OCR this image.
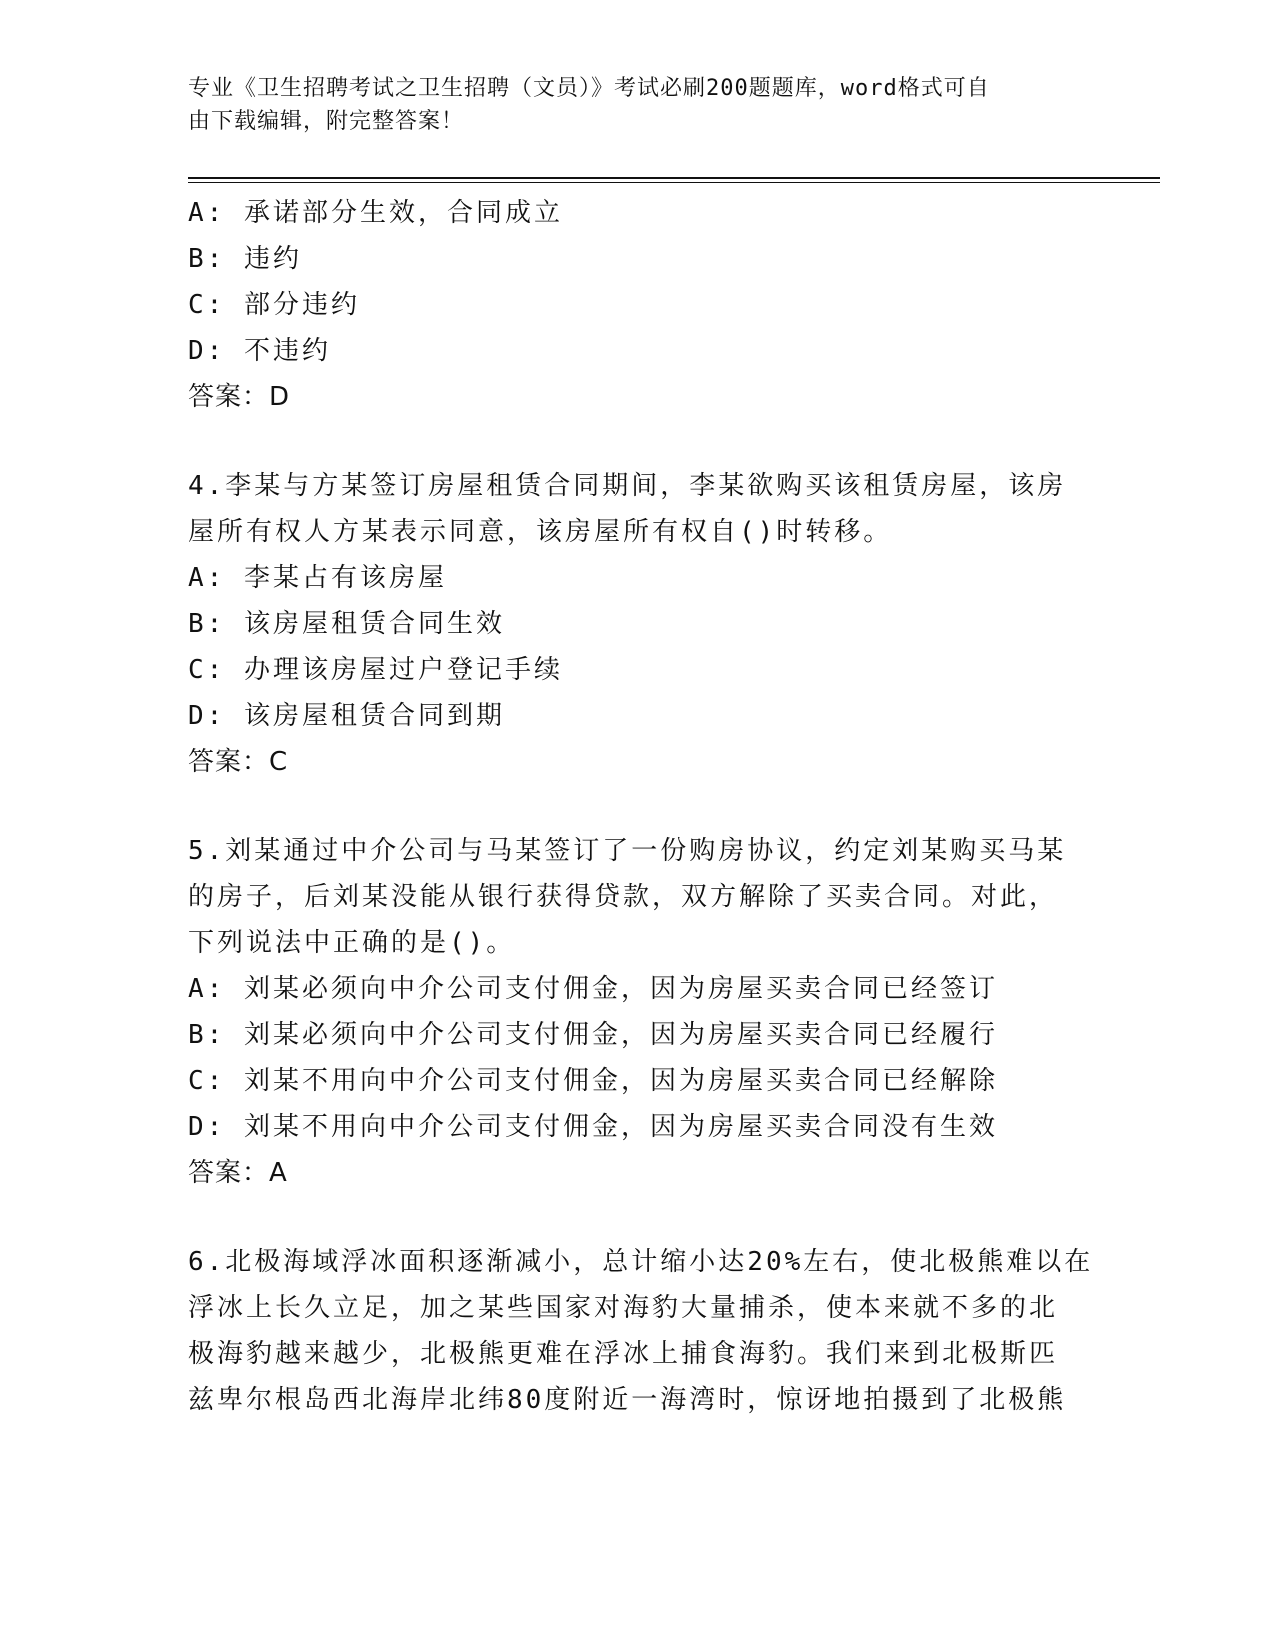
专业《卫生招聘考试之卫生招聘（文员）》考试必刷200题题库，word格式可自
由下载编辑，附完整答案！
A: 承诺部分生效，合同成立
B: 违约
C: 部分违约
D: 不违约
答案：D
4.李某与方某签订房屋租赁合同期间，李某欲购买该租赁房屋，该房
屋所有权人方某表示同意，该房屋所有权自()时转移。
A: 李某占有该房屋
B: 该房屋租赁合同生效
C: 办理该房屋过户登记手续
D: 该房屋租赁合同到期
答案：C
5.刘某通过中介公司与马某签订了一份购房协议，约定刘某购买马某
的房子，后刘某没能从银行获得贷款，双方解除了买卖合同。对此，
下列说法中正确的是()。
A: 刘某必须向中介公司支付佣金，因为房屋买卖合同已经签订
B: 刘某必须向中介公司支付佣金，因为房屋买卖合同已经履行
C: 刘某不用向中介公司支付佣金，因为房屋买卖合同已经解除
D: 刘某不用向中介公司支付佣金，因为房屋买卖合同没有生效
答案：A
6.北极海域浮冰面积逐渐减小，总计缩小达20%左右，使北极熊难以在
浮冰上长久立足，加之某些国家对海豹大量捕杀，使本来就不多的北
极海豹越来越少，北极熊更难在浮冰上捕食海豹。我们来到北极斯匹
兹卑尔根岛西北海岸北纬80度附近一海湾时，惊讶地拍摄到了北极熊
